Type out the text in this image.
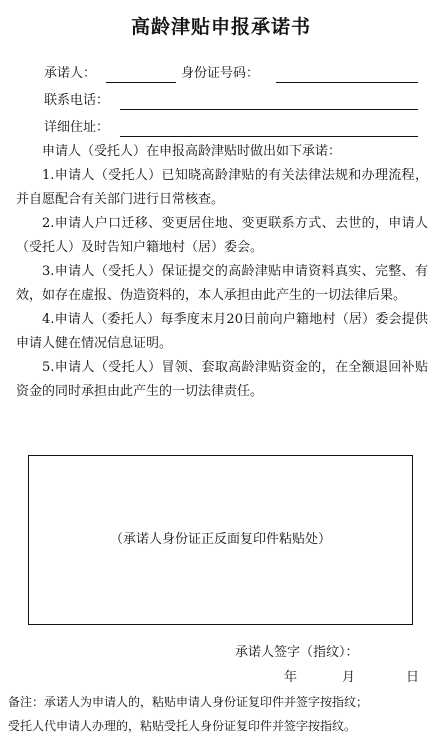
高龄津贴申报承诺书
承诺人：	身份证号码：
联系电话：
详细住址：

申请人（受托人）在申报高龄津贴时做出如下承诺：

1.申请人（受托人）已知晓高龄津贴的有关法律法规和办理流程，并自愿配合有关部门进行日常核查。

2.申请人户口迁移、变更居住地、变更联系方式、去世的，申请人（受托人）及时告知户籍地村（居）委会。

3.申请人（受托人）保证提交的高龄津贴申请资料真实、完整、有效，如存在虚报、伪造资料的，本人承担由此产生的一切法律后果。

4.申请人（委托人）每季度末月20日前向户籍地村（居）委会提供申请人健在情况信息证明。

5.申请人（受托人）冒领、套取高龄津贴资金的，在全额退回补贴资金的同时承担由此产生的一切法律责任。

（承诺人身份证正反面复印件粘贴处）
承诺人签字（指纹）：
年	月	日
备注：承诺人为申请人的，粘贴申请人身份证复印件并签字按指纹；
受托人代申请人办理的，粘贴受托人身份证复印件并签字按指纹。
